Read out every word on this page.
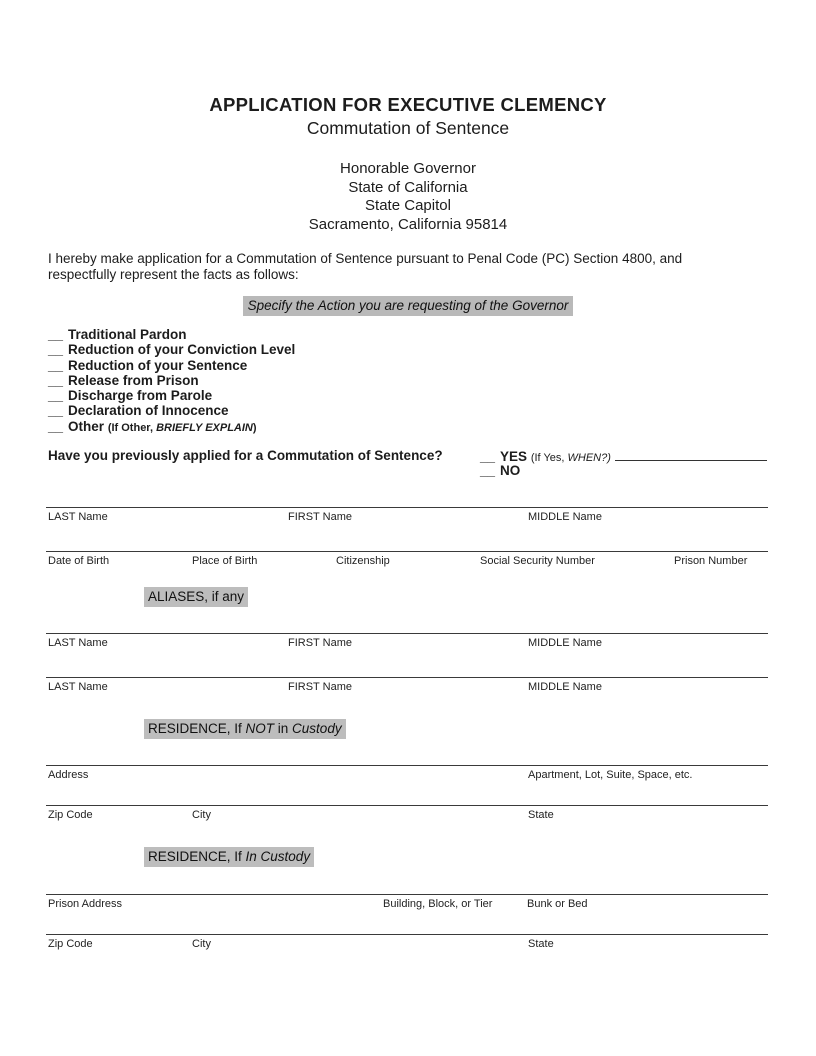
APPLICATION FOR EXECUTIVE CLEMENCY
Commutation of Sentence
Honorable Governor
State of California
State Capitol
Sacramento, California 95814
I hereby make application for a Commutation of Sentence pursuant to Penal Code (PC) Section 4800, and respectfully represent the facts as follows:
Specify the Action you are requesting of the Governor
__ Traditional Pardon
__ Reduction of your Conviction Level
__ Reduction of your Sentence
__ Release from Prison
__ Discharge from Parole
__ Declaration of Innocence
__ Other (If Other, BRIEFLY EXPLAIN)
Have you previously applied for a Commutation of Sentence?	__ YES (If Yes, WHEN?)
__ NO
LAST Name	FIRST Name	MIDDLE Name
Date of Birth	Place of Birth	Citizenship	Social Security Number	Prison Number
ALIASES, if any
LAST Name	FIRST Name	MIDDLE Name
LAST Name	FIRST Name	MIDDLE Name
RESIDENCE, If NOT in Custody
Address	Apartment, Lot, Suite, Space, etc.
Zip Code	City	State
RESIDENCE, If In Custody
Prison Address	Building, Block, or Tier	Bunk or Bed
Zip Code	City	State
